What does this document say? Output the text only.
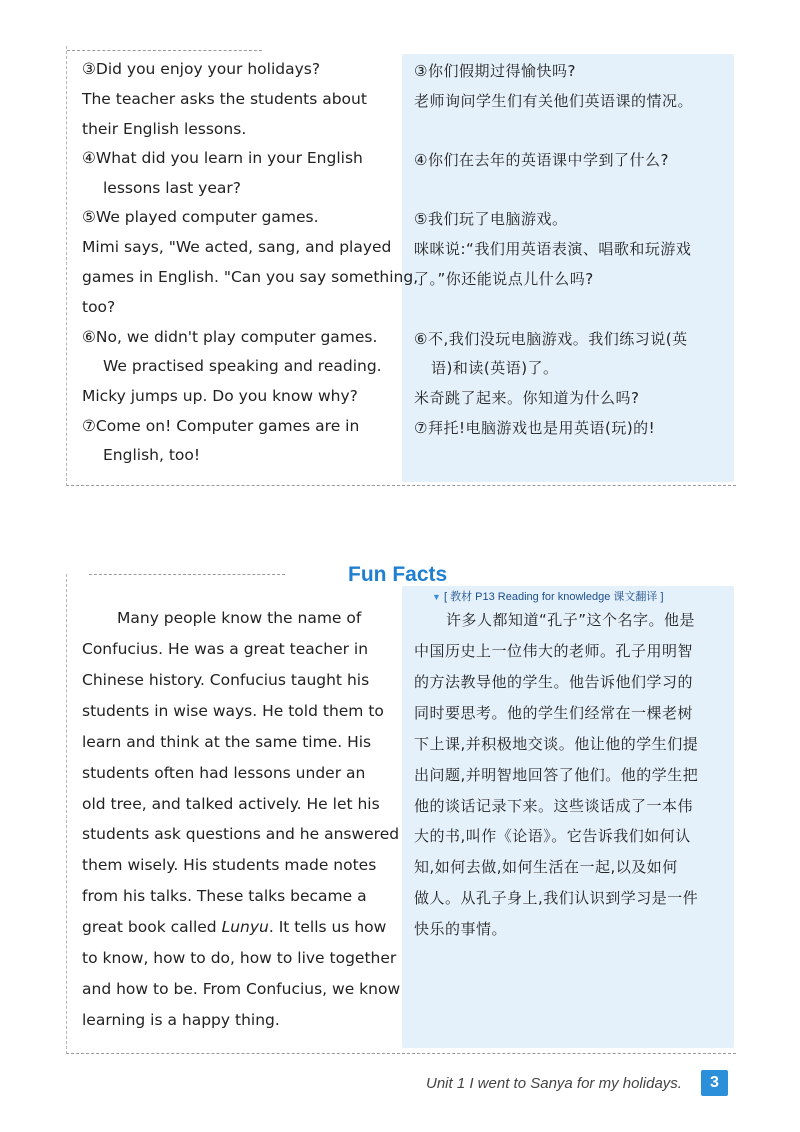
③Did you enjoy your holidays?
The teacher asks the students about
their English lessons.
④What did you learn in your English
lessons last year?
⑤We played computer games.
Mimi says, "We acted, sang, and played
games in English. "Can you say something,
too?
⑥No, we didn't play computer games.
We practised speaking and reading.
Micky jumps up. Do you know why?
⑦Come on! Computer games are in
English, too!
③你们假期过得愉快吗?
老师询问学生们有关他们英语课的情况。
④你们在去年的英语课中学到了什么?
⑤我们玩了电脑游戏。
咪咪说:“我们用英语表演、唱歌和玩游戏
了。”你还能说点儿什么吗?
⑥不,我们没玩电脑游戏。我们练习说(英
语)和读(英语)了。
米奇跳了起来。你知道为什么吗?
⑦拜托!电脑游戏也是用英语(玩)的!
Fun Facts
▼ [ 教材 P13 Reading for knowledge 课文翻译 ]
Many people know the name of
Confucius. He was a great teacher in
Chinese history. Confucius taught his
students in wise ways. He told them to
learn and think at the same time. His
students often had lessons under an
old tree, and talked actively. He let his
students ask questions and he answered
them wisely. His students made notes
from his talks. These talks became a
great book called Lunyu. It tells us how
to know, how to do, how to live together
and how to be. From Confucius, we know
learning is a happy thing.
许多人都知道“孔子”这个名字。他是
中国历史上一位伟大的老师。孔子用明智
的方法教导他的学生。他告诉他们学习的
同时要思考。他的学生们经常在一棵老树
下上课,并积极地交谈。他让他的学生们提
出问题,并明智地回答了他们。他的学生把
他的谈话记录下来。这些谈话成了一本伟
大的书,叫作《论语》。它告诉我们如何认
知,如何去做,如何生活在一起,以及如何
做人。从孔子身上,我们认识到学习是一件
快乐的事情。
Unit 1 I went to Sanya for my holidays.	3
